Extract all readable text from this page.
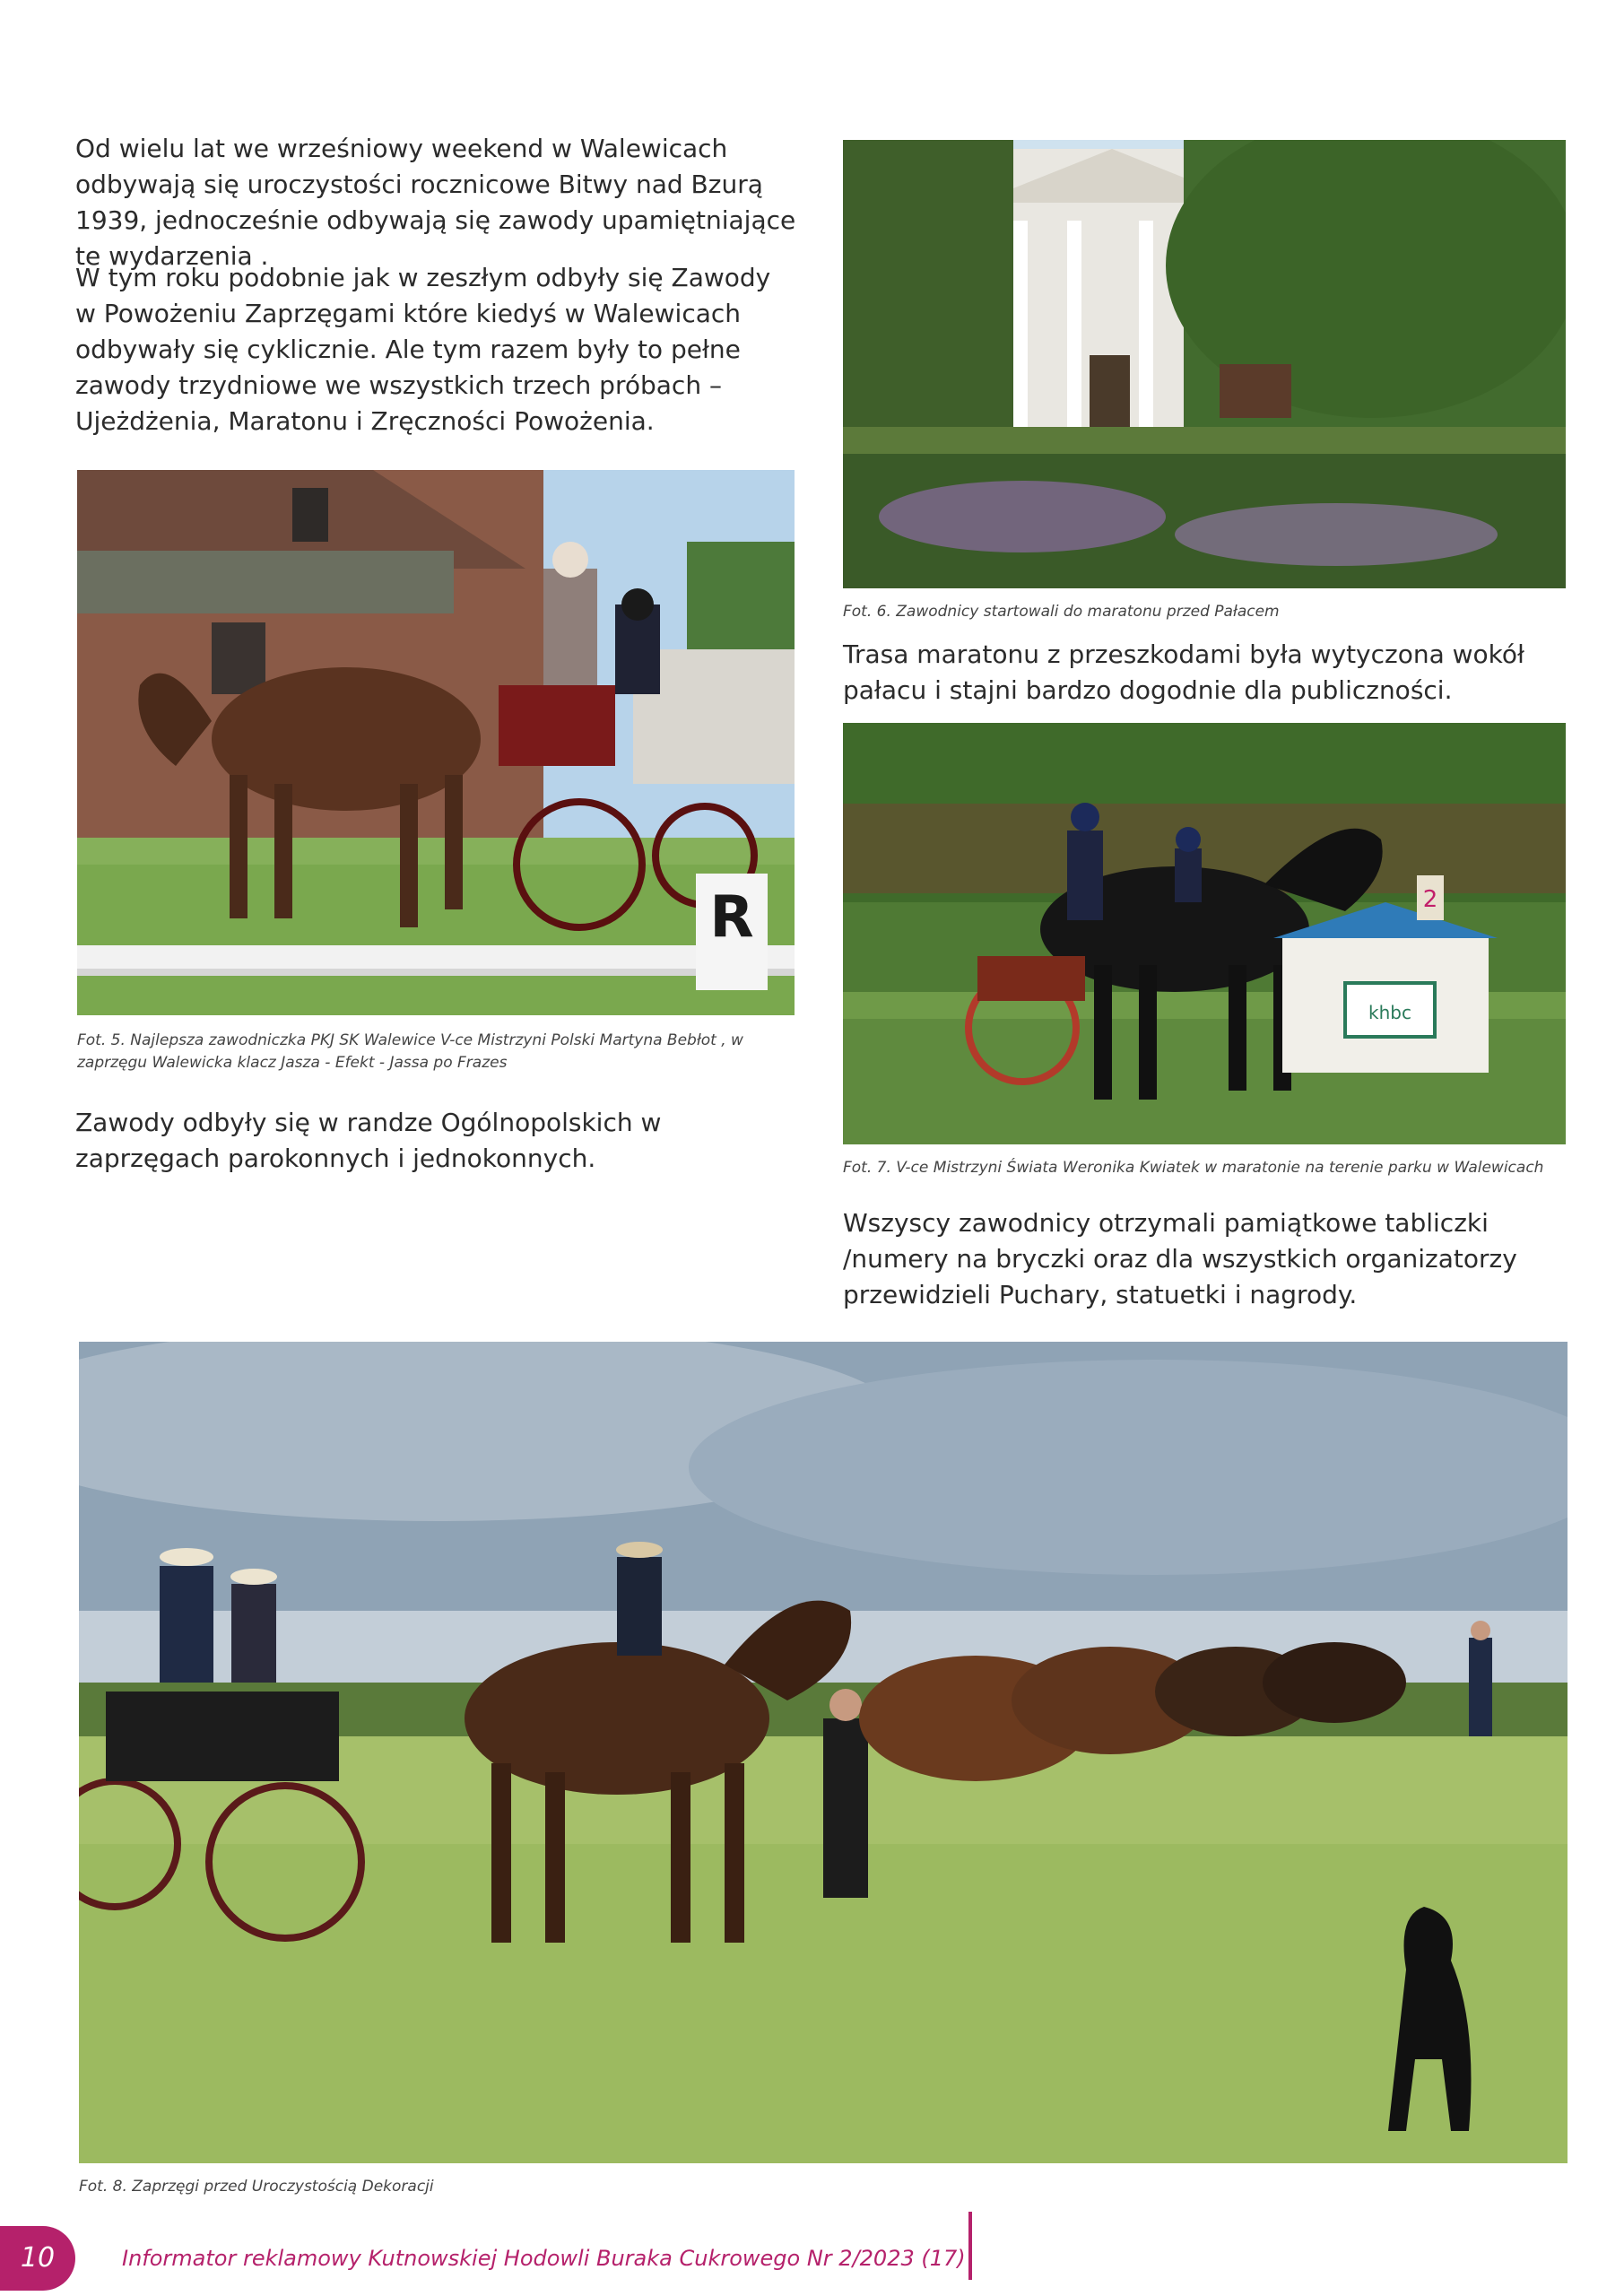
Od wielu lat we wrześniowy weekend w Walewicach odbywają się uroczystości rocznicowe Bitwy nad Bzurą 1939, jednocześnie odbywają się zawody upamiętniające te wydarzenia .

W tym roku podobnie jak w zeszłym odbyły się Zawody w Powożeniu Zaprzęgami które kiedyś w Walewicach odbywały się cyklicznie. Ale tym razem były to pełne zawody trzydniowe we wszystkich trzech próbach – Ujeżdżenia, Maratonu i Zręczności Powożenia.

R

Fot. 5. Najlepsza zawodniczka PKJ SK Walewice V-ce Mistrzyni Polski Martyna Bebłot , w zaprzęgu Walewicka klacz Jasza - Efekt - Jassa po Frazes

Zawody odbyły się w randze Ogólnopolskich w zaprzęgach parokonnych i jednokonnych.

Fot. 6. Zawodnicy startowali do maratonu przed Pałacem

Trasa maratonu z przeszkodami była wytyczona wokół pałacu i stajni bardzo dogodnie dla publiczności.

khbc
2

Fot. 7. V-ce Mistrzyni Świata Weronika Kwiatek w maratonie na terenie parku w Walewicach

Wszyscy zawodnicy otrzymali pamiątkowe tabliczki /numery na bryczki oraz dla wszystkich organizatorzy przewidzieli Puchary, statuetki i nagrody.

Fot. 8. Zaprzęgi przed Uroczystością Dekoracji

10	Informator reklamowy Kutnowskiej Hodowli Buraka Cukrowego Nr 2/2023 (17)
